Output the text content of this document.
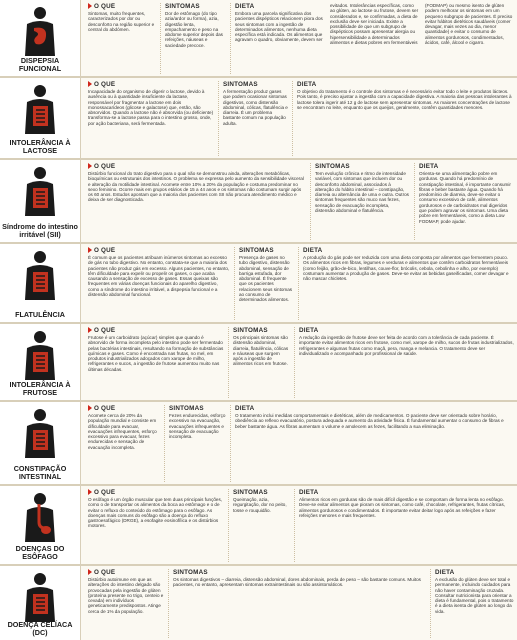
DISPEPSIA FUNCIONAL
O QUÊ
Sintomas, muito frequentes, caracterizados por dor ou desconforto na região superior e central do abdómen.
SINTOMAS
Dor de estômago (do tipo azia/ardor ou forma), azia, digestão lenta, empachamento e peso na abdome superior depois das refeições, náuseas e saciedade precoce.
DIETA
Embora uma parcela significativa dos pacientes dispépticos relacionem piora dos seus sintomas com a ingestão de determinados alimentos, nenhuma dieta específica está indicada. Os alimentos que agravam o quadro, obviamente, devem ser evitados. Intolerâncias específicas, como ao glúten, ao lactose ou frutose, devem ser considerados e, se confirmadas, a dieta de exclusão deve ser iniciada. Existe a possibilidade de que um subgrupo de dispépticos possam apresentar alergia ou hipersensibilidade a determinados alimentos e dietas pobres em fermentáveis (FODMAP) ou mesmo isento de glúten podem melhorar os sintomas em um pequeno subgrupo de pacientes. É preciso evitar hábitos dietéticos saudáveis (comer devagar, mais vezes ao dia, menor quantidade) e evitar o consumo de alimentos gordurosos, condimentados, ácidos, café, álcool e cigarro.
INTOLERÂNCIA À LACTOSE
O QUÊ
Incapacidade do organismo de digerir o lactose, devido à ausência ou à quantidade insuficiente da lactase, responsável por fragmentar a lactose em dois monossacarídeos (glicose e galactose) que, então, são absorvidos. Quando a lactose não é absorvida (ou deficiente) transforma-se a lactose passa para o intestino grosso, onde, por ação bacteriana, será fermentada.
SINTOMAS
A fermentação produz gases que podem ocasionar sintomas digestivos, como distensão abdominal, cólicas, flatulência e diarreia. É um problema bastante comum na população adulta.
DIETA
O objetivo do tratamento é o controle dos sintomas e é necessário evitar todo o leite e produtos lácteos. Pois tanto, é preciso ajustar a ingestão com a capacidade digestiva. A maioria das pessoas intolerantes à lactose tolera ingerir até 12 g de lactose sem apresentar sintomas. As maiores concentrações de lactose se encontram no leite, enquanto que os queijos, geralmente, contêm quantidades menores.
Síndrome do intestino irritável (SII)
O QUÊ
Distúrbio funcional do trato digestivo para o qual não se demonstrou ainda, alterações metabólicas, bioquímicas ou estruturais dos intestinos. O problema se expressa pelo aumento da sensibilidade visceral e alteração da motilidade intestinal. Acomete entre 10% a 20% da população e costuma predominar no sexo feminino. Ocorre mais em grupos etários de 15 a 44 anos e os sintomas não costumam surgir após os 60 anos. Estudos apontam que a maioria dos pacientes com SII não procura atendimento médico e deixa de ser diagnosticada.
SINTOMAS
Tem evolução crônica e ritmo de intensidade variável, com sintomas que incluem dor ou desconforto abdominal, associados à alteração do hábito intestinal – constipação, diarreia ou alternância de uma e outra. Outros sintomas frequentes são muco nas fezes, sensação de evacuação incompleta, distensão abdominal e flatulência.
DIETA
Orienta-se uma alimentação pobre em gorduras. Quando há predomínio de constipação intestinal, é importante consumir fibras e beber bastante água. Quando há predomínio de diarreia, deve-se evitar o consumo excessivo de café, alimentos gordurosos e de carboidratos mal digeridos que podem agravar os sintomas. Uma dieta pobre em fermentáveis, como a dieta Low FODMAP, pode ajudar.
FLATULÊNCIA
O QUÊ
É comum que os pacientes atribuam inúmeros sintomas ao excesso de gás no tubo digestivo. No entanto, constata-se que a maioria dos pacientes não produz gás em excesso. Alguns pacientes, no entanto, têm dificuldade para expelir ou propelir os gases, o que acaba causando a sensação de excesso de gases. Essas queixas são frequentes em várias doenças funcionais do aparelho digestivo, como a síndrome do intestino irritável, a dispepsia funcional e a distensão abdominal funcional.
SINTOMAS
Presença de gases no tubo digestivo, distensão abdominal, sensação de barriga estufada, dor abdominal. É frequente que os pacientes relacionem seus sintomas ao consumo de determinados alimentos.
DIETA
A produção do gás pode ser reduzida com uma dieta composta por alimentos que fermentem pouco. Os alimentos ricos em fibras, legumes e verduras e alimentos que contêm carboidratos fermentáveis (como feijão, grão-de-bico, lentilhas, couve-flor, brócolis, cebola, cebolinha e alho, por exemplo) costumam aumentar a produção de gases. Deve-se evitar as bebidas gaseificadas, comer devagar e não mascar chicletes.
INTOLERÂNCIA À FRUTOSE
O QUÊ
Frutose é um carboidrato (açúcar) simples que quando é absorvido de forma incompleta pelo intestino pode ser fermentado pelas bactérias intestinais, resultando na formação de substâncias químicas e gases. Como é encontrada nas frutas, no mel, em produtos industrializados adoçados com xarope de milho, refrigerantes e sucos, a ingestão de frutose aumentou muito nas últimas décadas.
SINTOMAS
Os principais sintomas são distensão abdominal, diarreia, flatulência, cólicas e náuseas que surgem após a ingestão de alimentos ricos em frutose.
DIETA
A redução da ingestão de frutose deve ser feita de acordo com a tolerância de cada paciente. É importante evitar alimentos ricos em frutose, como mel, xarope de milho, sucos de frutas industrializados, refrigerantes e algumas frutas como maçã, pera, manga e melancia. O tratamento deve ser individualizado e acompanhado por profissional de saúde.
CONSTIPAÇÃO INTESTINAL
O QUÊ
Acomete cerca de 20% da população mundial e consiste em dificuldade para evacuar, evacuações infrequentes, esforço excessivo para evacuar, fezes endurecidas e sensação de evacuação incompleta.
SINTOMAS
Fezes endurecidas, esforço excessivo na evacuação, evacuações infrequentes e sensação de evacuação incompleta.
DIETA
O tratamento inclui medidas comportamentais e dietéticas, além de medicamentos. O paciente deve ser orientado sobre horário, obediência ao reflexo evacuatório, postura adequada e aumento da atividade física. É fundamental aumentar o consumo de fibras e beber bastante água. As fibras aumentam o volume e amolecem as fezes, facilitando a sua eliminação.
DOENÇAS DO ESÔFAGO
O QUÊ
O esôfago é um órgão muscular que tem duas principais funções, como o de transportar os alimentos da boca ao estômago e o de evitar o refluxo do conteúdo do estômago para o esôfago. As doenças mais comuns do esôfago são a doença do refluxo gastroesofágico (DRGE), a esofagite eosinofílica e os distúrbios motores.
SINTOMAS
Queimação, azia, regurgitação, dor no peito, tosse e rouquidão.
DIETA
Alimentos ricos em gorduras são de mais difícil digestão e se comportam de forma lenta no esôfago. Deve-se evitar alimentos que pioram os sintomas, como café, chocolate, refrigerantes, frutas cítricas, alimentos gordurosos e condimentados. É importante evitar deitar logo após as refeições e fazer refeições menores e mais frequentes.
DOENÇA CELÍACA (DC)
O QUÊ
Distúrbio autoimune em que as alterações do intestino delgado são provocadas pela ingestão de glúten (proteína presente no trigo, centeio e cevada) em indivíduos geneticamente predispostos. Atinge cerca de 1% da população.
SINTOMAS
Os sintomas digestivos – diarreia, distensão abdominal, dores abdominais, perda de peso – são bastante comuns. Muitos pacientes, no entanto, apresentam sintomas extraintestinais ou são assintomáticos.
DIETA
A exclusão do glúten deve ser total e permanente, incluindo cuidados para não haver contaminação cruzada. Consultar nutricionista para orientar a dieta é fundamental, pois o tratamento é a dieta isenta de glúten ao longo da vida.
